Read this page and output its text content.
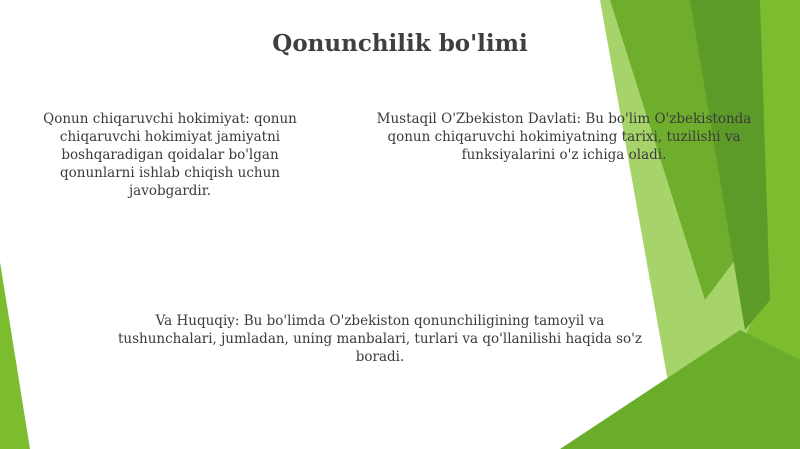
Qonunchilik bo'limi
Qonun chiqaruvchi hokimiyat: qonun chiqaruvchi hokimiyat jamiyatni boshqaradigan qoidalar bo'lgan qonunlarni ishlab chiqish uchun javobgardir.
Mustaqil O'Zbekiston Davlati: Bu bo'lim O'zbekistonda qonun chiqaruvchi hokimiyatning tarixi, tuzilishi va funksiyalarini o'z ichiga oladi.
Va Huquqiy: Bu bo'limda O'zbekiston qonunchiligining tamoyil va tushunchalari, jumladan, uning manbalari, turlari va qo'llanilishi haqida so'z boradi.
